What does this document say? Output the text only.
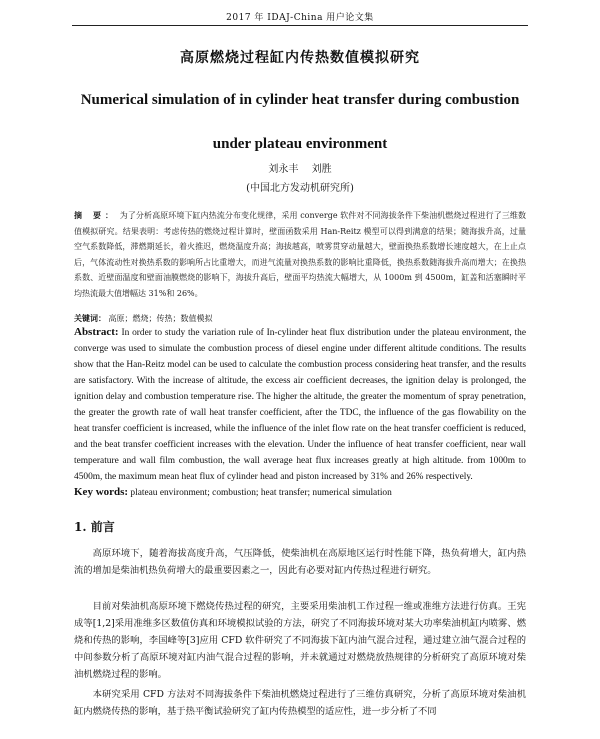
2017 年 IDAJ-China 用户论文集
高原燃烧过程缸内传热数值模拟研究
Numerical simulation of in cylinder heat transfer during combustion under plateau environment
刘永丰 刘胜
(中国北方发动机研究所)
摘 要： 为了分析高原环境下缸内热流分布变化规律，采用 converge 软件对不同海拔条件下柴油机燃烧过程进行了三维数值模拟研究。结果表明：考虑传热的燃烧过程计算时，壁面函数采用 Han-Reitz 模型可以得到满意的结果；随海拔升高，过量空气系数降低，滞燃期延长，着火推迟，燃烧温度升高；海拔越高，喷雾贯穿动量越大，壁面换热系数增长速度越大，在上止点后，气体流动性对换热系数的影响所占比重增大，而进气流量对换热系数的影响比重降低，换热系数随海拔升高而增大；在换热系数、近壁面温度和壁面油膜燃烧的影响下，海拔升高后，壁面平均热流大幅增大，从 1000m 到 4500m，缸盖和活塞瞬时平均热流最大值增幅达 31%和 26%。
关键词： 高原；燃烧；传热；数值模拟
Abstract: In order to study the variation rule of In-cylinder heat flux distribution under the plateau environment, the converge was used to simulate the combustion process of diesel engine under different altitude conditions. The results show that the Han-Reitz model can be used to calculate the combustion process considering heat transfer, and the results are satisfactory. With the increase of altitude, the excess air coefficient decreases, the ignition delay is prolonged, the ignition delay and combustion temperature rise. The higher the altitude, the greater the momentum of spray penetration, the greater the growth rate of wall heat transfer coefficient, after the TDC, the influence of the gas flowability on the heat transfer coefficient is increased, while the influence of the inlet flow rate on the heat transfer coefficient is reduced, and the beat transfer coefficient increases with the elevation. Under the influence of heat transfer coefficient, near wall temperature and wall film combustion, the wall average heat flux increases greatly at high altitude. from 1000m to 4500m, the maximum mean heat flux of cylinder head and piston increased by 31% and 26% respectively.
Key words: plateau environment; combustion; heat transfer; numerical simulation
1. 前言
高原环境下，随着海拔高度升高，气压降低，使柴油机在高原地区运行时性能下降，热负荷增大，缸内热流的增加是柴油机热负荷增大的最重要因素之一，因此有必要对缸内传热过程进行研究。
目前对柴油机高原环境下燃烧传热过程的研究，主要采用柴油机工作过程一维或准维方法进行仿真。王宪成等[1,2]采用准维多区数值仿真和环境模拟试验的方法，研究了不同海拔环境对某大功率柴油机缸内喷雾、燃烧和传热的影响，李国峰等[3]应用 CFD 软件研究了不同海拔下缸内油气混合过程，通过建立油气混合过程的中间参数分析了高原环境对缸内油气混合过程的影响，并未就通过对燃烧放热规律的分析研究了高原环境对柴油机燃烧过程的影响。
本研究采用 CFD 方法对不同海拔条件下柴油机燃烧过程进行了三维仿真研究，分析了高原环境对柴油机缸内燃烧传热的影响，基于热平衡试验研究了缸内传热模型的适应性，进一步分析了不同
